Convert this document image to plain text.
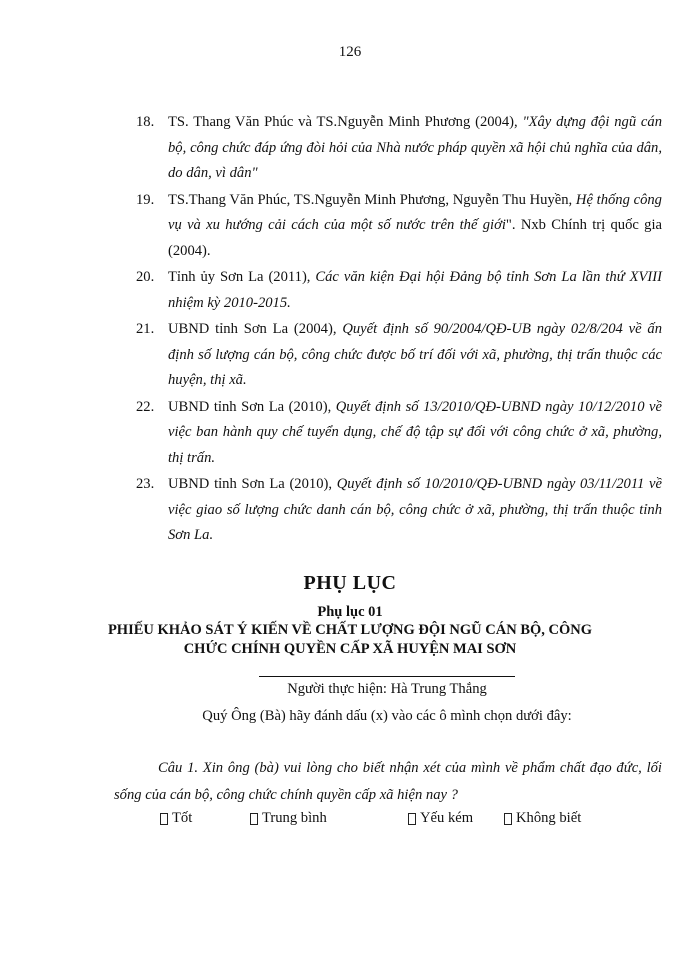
126
18. TS. Thang Văn Phúc và TS.Nguyễn Minh Phương (2004), "Xây dựng đội ngũ cán bộ, công chức đáp ứng đòi hỏi của Nhà nước pháp quyền xã hội chủ nghĩa của dân, do dân, vì dân"
19. TS.Thang Văn Phúc, TS.Nguyễn Minh Phương, Nguyễn Thu Huyền, Hệ thống công vụ và xu hướng cải cách của một số nước trên thế giới". Nxb Chính trị quốc gia (2004).
20. Tỉnh ủy Sơn La (2011), Các văn kiện Đại hội Đảng bộ tỉnh Sơn La lần thứ XVIII nhiệm kỳ 2010-2015.
21. UBND tỉnh Sơn La (2004), Quyết định số 90/2004/QĐ-UB ngày 02/8/204 về ấn định số lượng cán bộ, công chức được bố trí đối với xã, phường, thị trấn thuộc các huyện, thị xã.
22. UBND tỉnh Sơn La (2010), Quyết định số 13/2010/QĐ-UBND ngày 10/12/2010 về việc ban hành quy chế tuyển dụng, chế độ tập sự đối với công chức ở xã, phường, thị trấn.
23. UBND tỉnh Sơn La (2010), Quyết định số 10/2010/QĐ-UBND ngày 03/11/2011 về việc giao số lượng chức danh cán bộ, công chức ở xã, phường, thị trấn thuộc tỉnh Sơn La.
PHỤ LỤC
Phụ lục 01
PHIẾU KHẢO SÁT Ý KIẾN VỀ CHẤT LƯỢNG ĐỘI NGŨ CÁN BỘ, CÔNG CHỨC CHÍNH QUYỀN CẤP XÃ HUYỆN MAI SƠN
Người thực hiện: Hà Trung Thắng
Quý Ông (Bà) hãy đánh dấu (x) vào các ô mình chọn dưới đây:
Câu 1. Xin ông (bà) vui lòng cho biết nhận xét của mình về phẩm chất đạo đức, lối sống của cán bộ, công chức chính quyền cấp xã hiện nay ?
Tốt	Trung bình	Yếu kém	Không biết
